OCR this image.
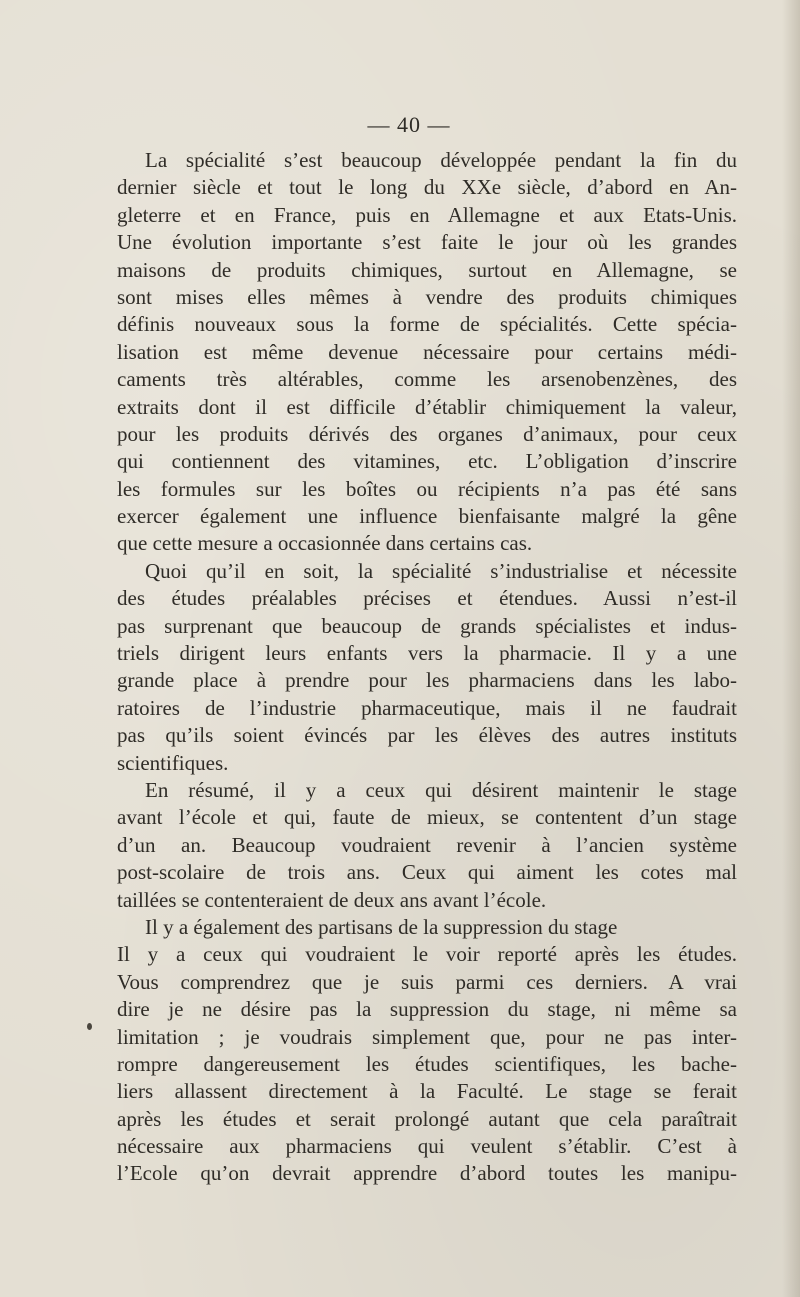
— 40 —
La spécialité s’est beaucoup développée pendant la fin du
dernier siècle et tout le long du XXe siècle, d’abord en An-
gleterre et en France, puis en Allemagne et aux Etats-Unis.
Une évolution importante s’est faite le jour où les grandes
maisons de produits chimiques, surtout en Allemagne, se
sont mises elles mêmes à vendre des produits chimiques
définis nouveaux sous la forme de spécialités. Cette spécia-
lisation est même devenue nécessaire pour certains médi-
caments très altérables, comme les arsenobenzènes, des
extraits dont il est difficile d’établir chimiquement la valeur,
pour les produits dérivés des organes d’animaux, pour ceux
qui contiennent des vitamines, etc. L’obligation d’inscrire
les formules sur les boîtes ou récipients n’a pas été sans
exercer également une influence bienfaisante malgré la gêne
que cette mesure a occasionnée dans certains cas.
Quoi qu’il en soit, la spécialité s’industrialise et nécessite
des études préalables précises et étendues. Aussi n’est-il
pas surprenant que beaucoup de grands spécialistes et indus-
triels dirigent leurs enfants vers la pharmacie. Il y a une
grande place à prendre pour les pharmaciens dans les labo-
ratoires de l’industrie pharmaceutique, mais il ne faudrait
pas qu’ils soient évincés par les élèves des autres instituts
scientifiques.
En résumé, il y a ceux qui désirent maintenir le stage
avant l’école et qui, faute de mieux, se contentent d’un stage
d’un an. Beaucoup voudraient revenir à l’ancien système
post-scolaire de trois ans. Ceux qui aiment les cotes mal
taillées se contenteraient de deux ans avant l’école.
Il y a également des partisans de la suppression du stage
Il y a ceux qui voudraient le voir reporté après les études.
Vous comprendrez que je suis parmi ces derniers. A vrai
dire je ne désire pas la suppression du stage, ni même sa
limitation ; je voudrais simplement que, pour ne pas inter-
rompre dangereusement les études scientifiques, les bache-
liers allassent directement à la Faculté. Le stage se ferait
après les études et serait prolongé autant que cela paraîtrait
nécessaire aux pharmaciens qui veulent s’établir. C’est à
l’Ecole qu’on devrait apprendre d’abord toutes les manipu-
